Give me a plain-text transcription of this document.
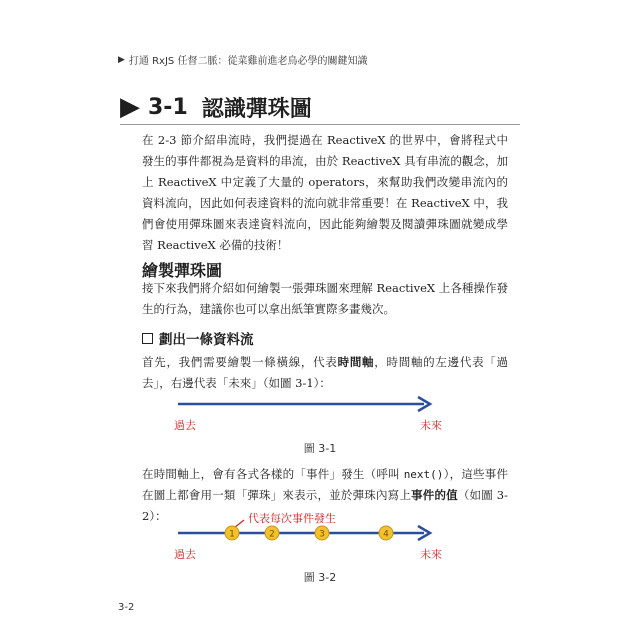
▶ 打通 RxJS 任督二脈：從菜雞前進老鳥必學的關鍵知識
▶ 3-1 認識彈珠圖
在 2-3 節介紹串流時，我們提過在 ReactiveX 的世界中，會將程式中發生的事件都視為是資料的串流，由於 ReactiveX 具有串流的觀念，加上 ReactiveX 中定義了大量的 operators，來幫助我們改變串流內的資料流向，因此如何表達資料的流向就非常重要！在 ReactiveX 中，我們會使用彈珠圖來表達資料流向，因此能夠繪製及閱讀彈珠圖就變成學習 ReactiveX 必備的技術！
繪製彈珠圖
接下來我們將介紹如何繪製一張彈珠圖來理解 ReactiveX 上各種操作發生的行為，建議你也可以拿出紙筆實際多畫幾次。
劃出一條資料流
首先，我們需要繪製一條橫線，代表時間軸，時間軸的左邊代表「過去」，右邊代表「未來」（如圖 3-1）：
過去	未來
圖 3-1
在時間軸上，會有各式各樣的「事件」發生（呼叫 next()），這些事件在圖上都會用一類「彈珠」來表示，並於彈珠內寫上事件的值（如圖 3-2）：	代表每次事件發生
過去	未來
圖 3-2
1	2	3	4
3-2
